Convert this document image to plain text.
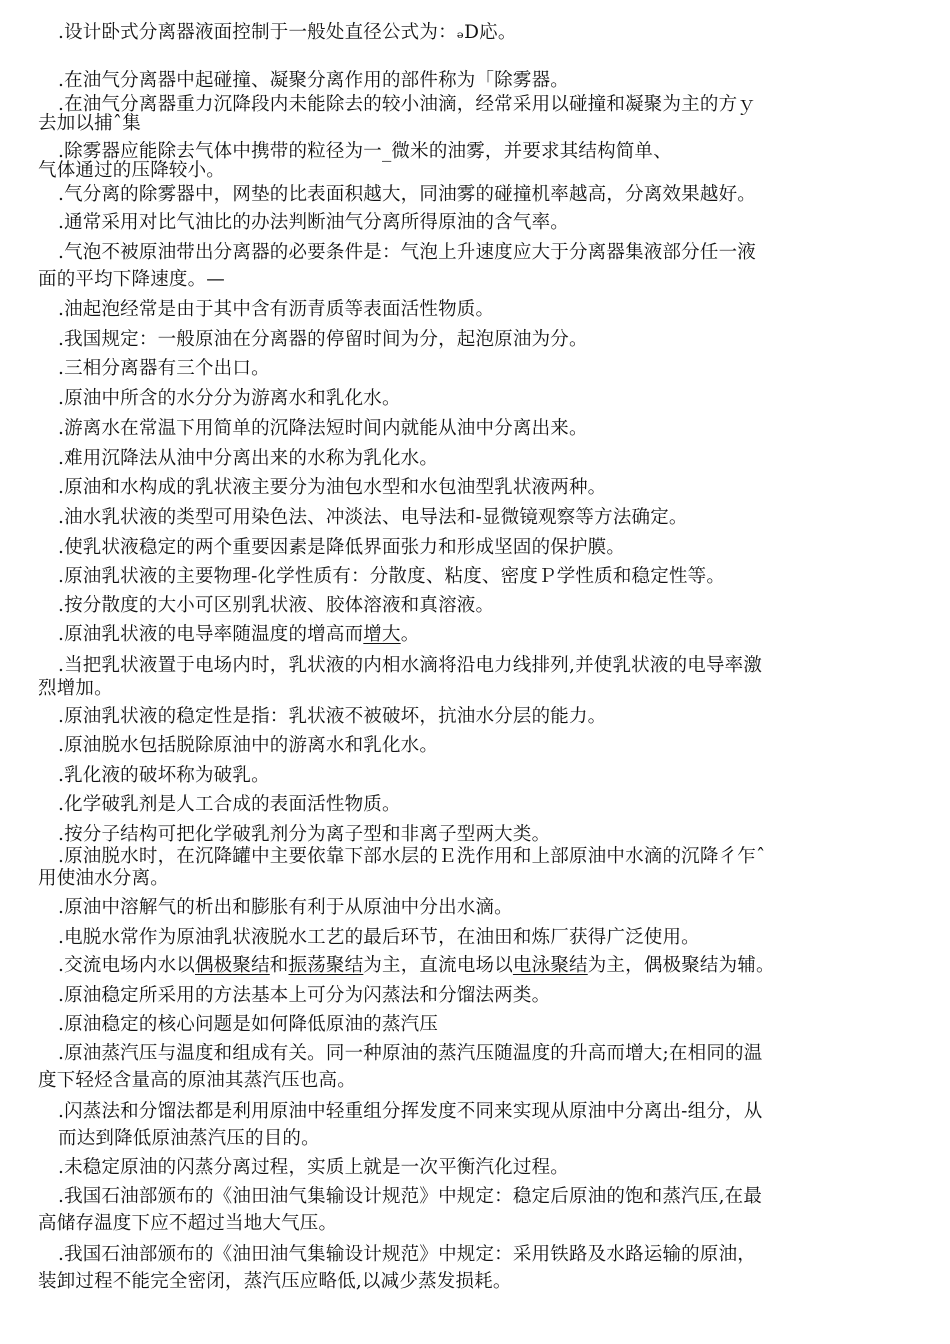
.设计卧式分离器液面控制于一般处直径公式为：ₔD応。
.在油气分离器中起碰撞、凝聚分离作用的部件称为「除雾器。
.在油气分离器重力沉降段内未能除去的较小油滴，经常采用以碰撞和凝聚为主的方ｙ
去加以捕ˆ集
.除雾器应能除去气体中携带的粒径为一_微米的油雾，并要求其结构简单、
气体通过的压降较小。
.气分离的除雾器中，网垫的比表面积越大，同油雾的碰撞机率越高，分离效果越好。
.通常采用对比气油比的办法判断油气分离所得原油的含气率。
.气泡不被原油带出分离器的必要条件是：气泡上升速度应大于分离器集液部分任一液
面的平均下降速度。—
.油起泡经常是由于其中含有沥青质等表面活性物质。
.我国规定：一般原油在分离器的停留时间为分，起泡原油为分。
.三相分离器有三个出口。
.原油中所含的水分分为游离水和乳化水。
.游离水在常温下用简单的沉降法短时间内就能从油中分离出来。
.难用沉降法从油中分离出来的水称为乳化水。
.原油和水构成的乳状液主要分为油包水型和水包油型乳状液两种。
.油水乳状液的类型可用染色法、冲淡法、电导法和-显微镜观察等方法确定。
.使乳状液稳定的两个重要因素是降低界面张力和形成坚固的保护膜。
.原油乳状液的主要物理-化学性质有：分散度、粘度、密度Ｐ学性质和稳定性等。
.按分散度的大小可区别乳状液、胶体溶液和真溶液。
.原油乳状液的电导率随温度的增高而增大。
.当把乳状液置于电场内时，乳状液的内相水滴将沿电力线排列,并使乳状液的电导率激
烈增加。
.原油乳状液的稳定性是指：乳状液不被破坏，抗油水分层的能力。
.原油脱水包括脱除原油中的游离水和乳化水。
.乳化液的破坏称为破乳。
.化学破乳剂是人工合成的表面活性物质。
.按分子结构可把化学破乳剂分为离子型和非离子型两大类。
.原油脱水时，在沉降罐中主要依靠下部水层的Ｅ洗作用和上部原油中水滴的沉降彳乍ˆ
用使油水分离。
.原油中溶解气的析出和膨胀有利于从原油中分出水滴。
.电脱水常作为原油乳状液脱水工艺的最后环节，在油田和炼厂获得广泛使用。
.交流电场内水以偶极聚结和振荡聚结为主，直流电场以电泳聚结为主，偶极聚结为辅。
.原油稳定所采用的方法基本上可分为闪蒸法和分馏法两类。
.原油稳定的核心问题是如何降低原油的蒸汽压
.原油蒸汽压与温度和组成有关。同一种原油的蒸汽压随温度的升高而增大;在相同的温
度下轻烃含量高的原油其蒸汽压也高。
.闪蒸法和分馏法都是利用原油中轻重组分挥发度不同来实现从原油中分离出-组分，从
而达到降低原油蒸汽压的目的。
.未稳定原油的闪蒸分离过程，实质上就是一次平衡汽化过程。
.我国石油部颁布的《油田油气集输设计规范》中规定：稳定后原油的饱和蒸汽压,在最
高储存温度下应不超过当地大气压。
.我国石油部颁布的《油田油气集输设计规范》中规定：采用铁路及水路运输的原油，
装卸过程不能完全密闭，蒸汽压应略低,以减少蒸发损耗。
